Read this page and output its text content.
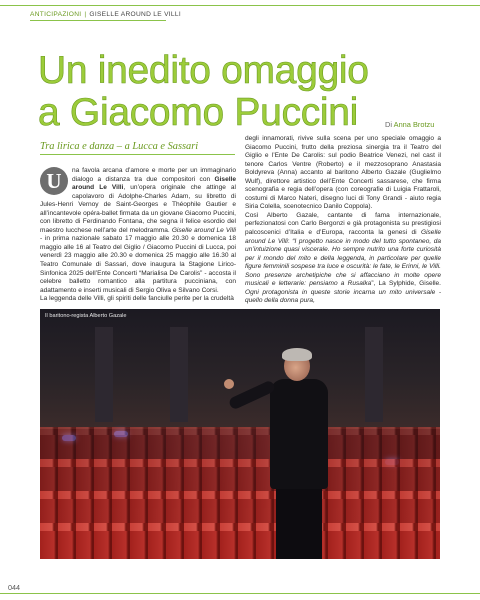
ANTICIPAZIONI | GISELLE AROUND LE VILLI
Un inedito omaggio
a Giacomo Puccini	Di Anna Brotzu
Tra lirica e danza – a Lucca e Sassari

U	na favola arcana d’amore e morte per un immaginario dialogo a distanza tra due compositori con Giselle around Le Villi, un’opera originale che attinge al capolavoro di Adolphe-Charles Adam, su libretto di Jules-Henri Vernoy de Saint-Georges e Théophile Gautier e all’incantevole opéra-ballet firmata da un giovane Giacomo Puccini, con libretto di Ferdinando Fontana, che segna il felice esordio del maestro lucchese nell’arte del melodramma. Giselle around Le Villi - in prima nazionale sabato 17 maggio alle 20.30 e domenica 18 maggio alle 16 al Teatro del Giglio / Giacomo Puccini di Lucca, poi venerdì 23 maggio alle 20.30 e domenica 25 maggio alle 16.30 al Teatro Comunale di Sassari, dove inaugura la Stagione Lirico-Sinfonica 2025 dell’Ente Concerti “Marialisa De Carolis” - accosta il celebre balletto romantico alla partitura pucciniana, con adattamento e inserti musicali di Sergio Oliva e Silvano Corsi.

La leggenda delle Villi, gli spiriti delle fanciulle perite per la crudeltà

degli innamorati, rivive sulla scena per uno speciale omaggio a Giacomo Puccini, frutto della preziosa sinergia tra il Teatro del Giglio e l’Ente De Carolis: sul podio Beatrice Venezi, nel cast il tenore Carlos Ventre (Roberto) e il mezzosoprano Anastasia Boldyreva (Anna) accanto al baritono Alberto Gazale (Guglielmo Wulf), direttore artistico dell’Ente Concerti sassarese, che firma scenografia e regia dell’opera (con coreografie di Luigia Frattaroli, costumi di Marco Nateri, disegno luci di Tony Grandi - aiuto regia Siria Colella, scenotecnico Danilo Coppola).

Così Alberto Gazale, cantante di fama internazionale, perfezionatosi con Carlo Bergonzi e già protagonista su prestigiosi palcoscenici d’Italia e d’Europa, racconta la genesi di Giselle around Le Villi: “I progetto nasce in modo del tutto spontaneo, da un’intuizione quasi viscerale. Ho sempre nutrito una forte curiosità per il mondo del mito e della leggenda, in particolare per quelle figure femminili sospese tra luce e oscurità: le fate, le Erinni, le Villi. Sono presenze archetipiche che si affacciano in molte opere musicali e letterarie: pensiamo a Rusalka”, La Sylphide, Giselle. Ogni protagonista in queste storie incarna un mito universale - quello della donna pura,

Il baritono-regista Alberto Gazale
044
